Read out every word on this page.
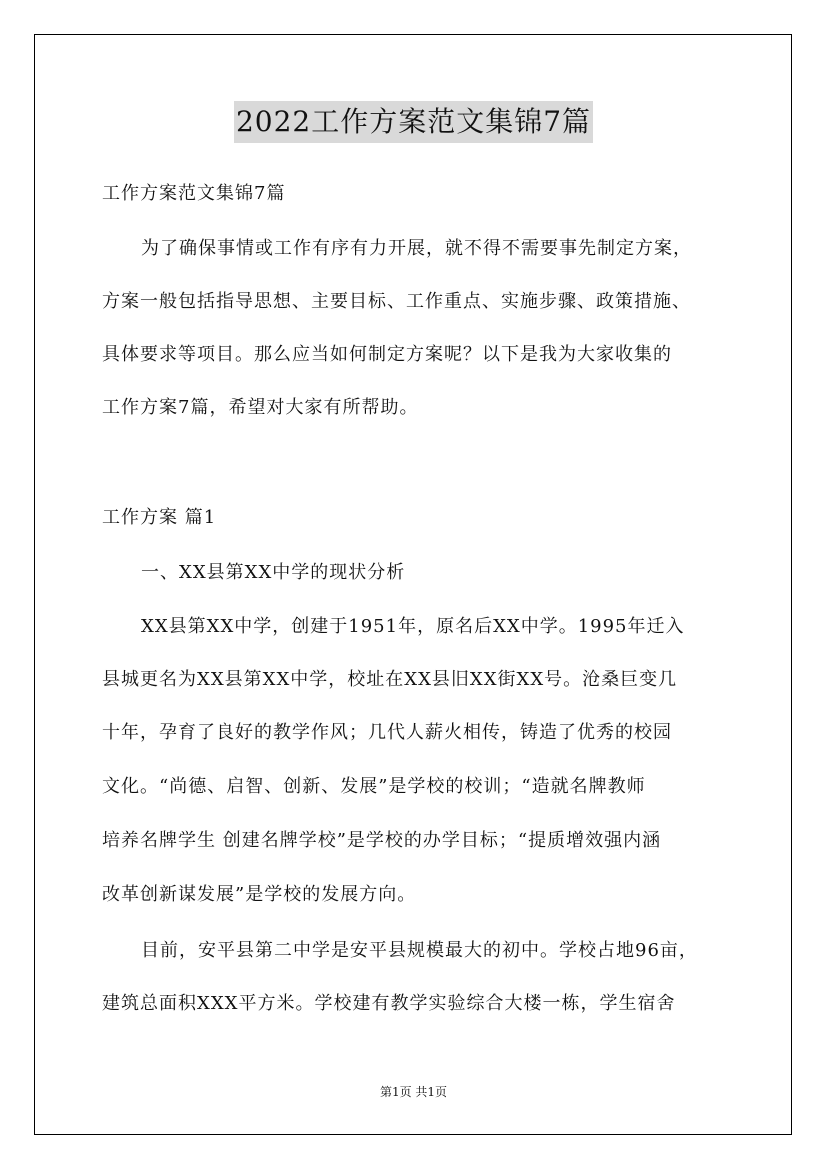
2022工作方案范文集锦7篇
工作方案范文集锦7篇
为了确保事情或工作有序有力开展，就不得不需要事先制定方案，
方案一般包括指导思想、主要目标、工作重点、实施步骤、政策措施、
具体要求等项目。那么应当如何制定方案呢？以下是我为大家收集的
工作方案7篇，希望对大家有所帮助。
工作方案 篇1
一、XX县第XX中学的现状分析
XX县第XX中学，创建于1951年，原名后XX中学。1995年迁入
县城更名为XX县第XX中学，校址在XX县旧XX街XX号。沧桑巨变几
十年，孕育了良好的教学作风；几代人薪火相传，铸造了优秀的校园
文化。“尚德、启智、创新、发展”是学校的校训；“造就名牌教师
培养名牌学生 创建名牌学校”是学校的办学目标；“提质增效强内涵
改革创新谋发展”是学校的发展方向。
目前，安平县第二中学是安平县规模最大的初中。学校占地96亩，
建筑总面积XXX平方米。学校建有教学实验综合大楼一栋，学生宿舍
第1页 共1页
